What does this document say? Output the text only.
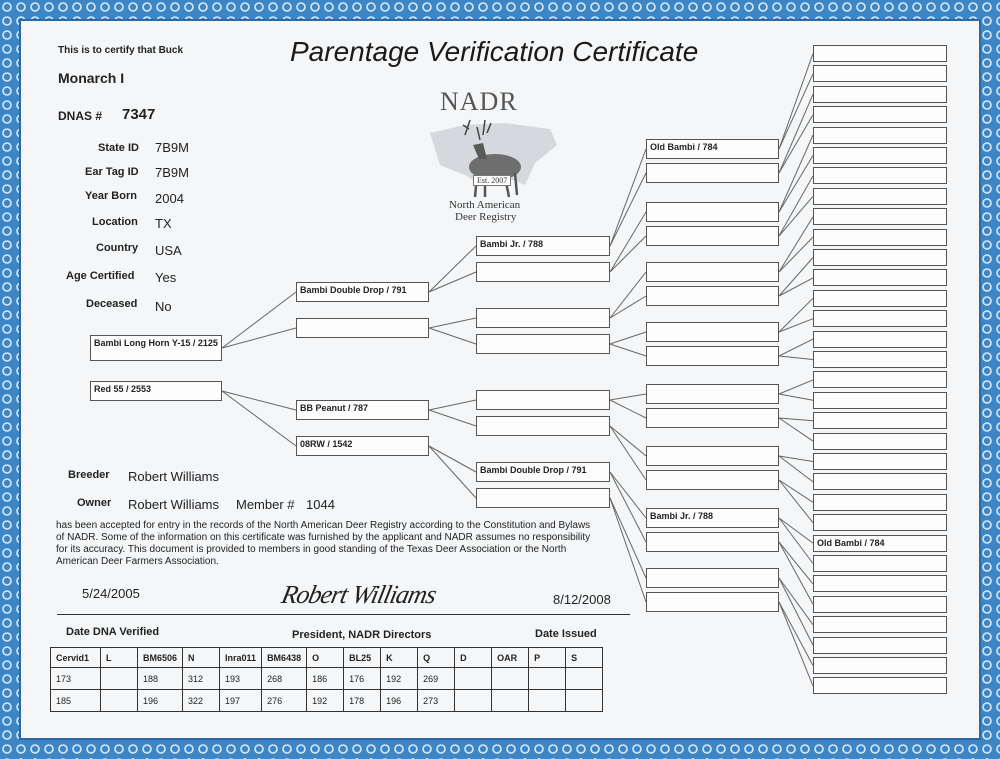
This is to certify that Buck
Monarch I
DNAS # 7347
State ID 7B9M
Ear Tag ID 7B9M
Year Born 2004
Location TX
Country USA
Age Certified Yes
Deceased No
Parentage Verification Certificate
NADR
Est. 2007
North American
Deer Registry
Bambi Long Horn Y-15 / 2125
Red 55 / 2553
Bambi Double Drop / 791
BB Peanut / 787
08RW / 1542
Bambi Jr. / 788
Bambi Double Drop / 791
Old Bambi / 784
Bambi Jr. / 788
Old Bambi / 784
Breeder Robert Williams
Owner Robert Williams Member # 1044
has been accepted for entry in the records of the North American Deer Registry according to the Constitution and Bylaws of NADR. Some of the information on this certificate was furnished by the applicant and NADR assumes no responsibility for its accuracy. This document is provided to members in good standing of the Texas Deer Association or the North American Deer Farmers Association.
5/24/2005	Robert Williams	8/12/2008
Date DNA Verified	President, NADR Directors	Date Issued
Cervid1	L	BM6506	N	Inra011	BM6438	O	BL25	K	Q	D	OAR	P	S
173		188	312	193	268	186	176	192	269				
185		196	322	197	276	192	178	196	273				
